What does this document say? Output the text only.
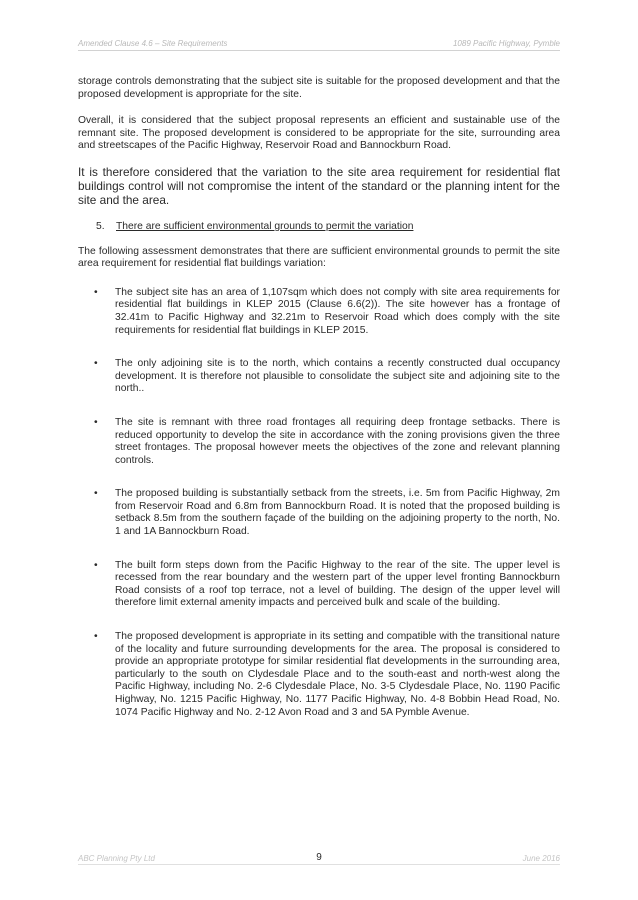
Amended Clause 4.6 – Site Requirements	1089 Pacific Highway, Pymble

storage controls demonstrating that the subject site is suitable for the proposed development and that the proposed development is appropriate for the site.

Overall, it is considered that the subject proposal represents an efficient and sustainable use of the remnant site. The proposed development is considered to be appropriate for the site, surrounding area and streetscapes of the Pacific Highway, Reservoir Road and Bannockburn Road.

It is therefore considered that the variation to the site area requirement for residential flat buildings control will not compromise the intent of the standard or the planning intent for the site and the area.

5. There are sufficient environmental grounds to permit the variation

The following assessment demonstrates that there are sufficient environmental grounds to permit the site area requirement for residential flat buildings variation:

• The subject site has an area of 1,107sqm which does not comply with site area requirements for residential flat buildings in KLEP 2015 (Clause 6.6(2)). The site however has a frontage of 32.41m to Pacific Highway and 32.21m to Reservoir Road which does comply with the site requirements for residential flat buildings in KLEP 2015.
• The only adjoining site is to the north, which contains a recently constructed dual occupancy development. It is therefore not plausible to consolidate the subject site and adjoining site to the north..
• The site is remnant with three road frontages all requiring deep frontage setbacks. There is reduced opportunity to develop the site in accordance with the zoning provisions given the three street frontages. The proposal however meets the objectives of the zone and relevant planning controls.
• The proposed building is substantially setback from the streets, i.e. 5m from Pacific Highway, 2m from Reservoir Road and 6.8m from Bannockburn Road. It is noted that the proposed building is setback 8.5m from the southern façade of the building on the adjoining property to the north, No. 1 and 1A Bannockburn Road.
• The built form steps down from the Pacific Highway to the rear of the site. The upper level is recessed from the rear boundary and the western part of the upper level fronting Bannockburn Road consists of a roof top terrace, not a level of building. The design of the upper level will therefore limit external amenity impacts and perceived bulk and scale of the building.
• The proposed development is appropriate in its setting and compatible with the transitional nature of the locality and future surrounding developments for the area. The proposal is considered to provide an appropriate prototype for similar residential flat developments in the surrounding area, particularly to the south on Clydesdale Place and to the south-east and north-west along the Pacific Highway, including No. 2-6 Clydesdale Place, No. 3-5 Clydesdale Place, No. 1190 Pacific Highway, No. 1215 Pacific Highway, No. 1177 Pacific Highway, No. 4-8 Bobbin Head Road, No. 1074 Pacific Highway and No. 2-12 Avon Road and 3 and 5A Pymble Avenue.
ABC Planning Pty Ltd	9	June 2016
